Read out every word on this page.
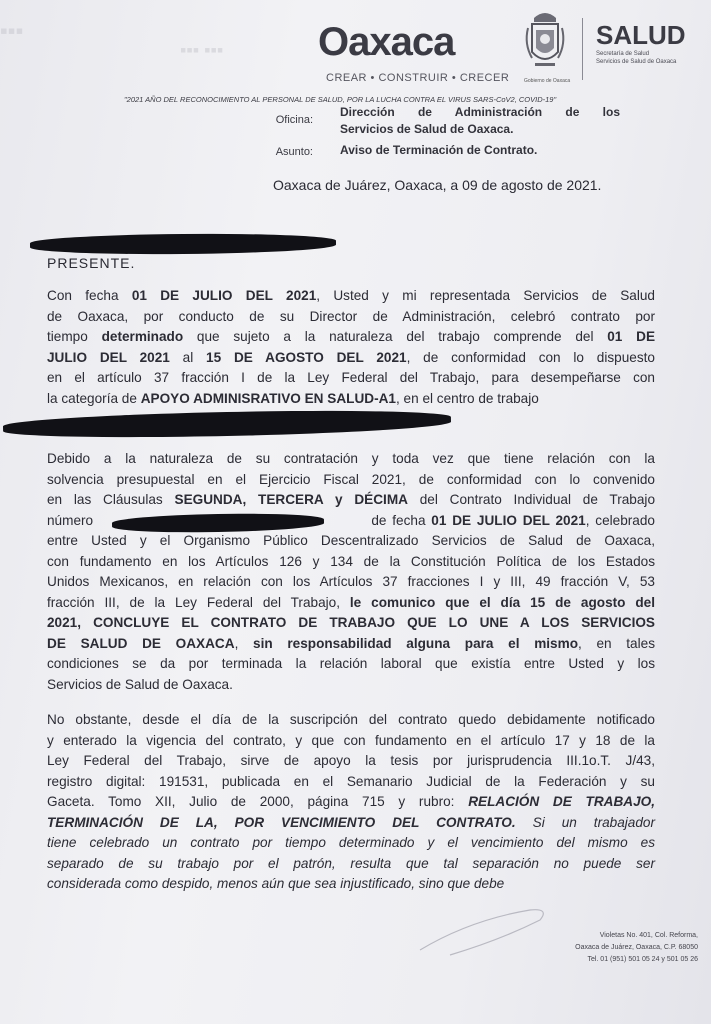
▪▪▪ ▪▪▪
▪▪▪	Oaxaca
CREAR • CONSTRUIR • CRECER	Gobierno de Oaxaca
SALUD
Secretaría de Salud
Servicios de Salud de Oaxaca
"2021 AÑO DEL RECONOCIMIENTO AL PERSONAL DE SALUD, POR LA LUCHA CONTRA EL VIRUS SARS-CoV2, COVID-19"
Oficina:
Dirección de Administración de los
Servicios de Salud de Oaxaca.
Asunto: Aviso de Terminación de Contrato.
Oaxaca de Juárez, Oaxaca, a 09 de agosto de 2021.
PRESENTE.
Con fecha 01 DE JULIO DEL 2021, Usted y mi representada Servicios de Salud
de Oaxaca, por conducto de su Director de Administración, celebró contrato por
tiempo determinado que sujeto a la naturaleza del trabajo comprende del 01 DE
JULIO DEL 2021 al 15 DE AGOSTO DEL 2021, de conformidad con lo dispuesto
en el artículo 37 fracción I de la Ley Federal del Trabajo, para desempeñarse con
la categoría de APOYO ADMINISRATIVO EN SALUD-A1, en el centro de trabajo
Debido a la naturaleza de su contratación y toda vez que tiene relación con la
solvencia presupuestal en el Ejercicio Fiscal 2021, de conformidad con lo convenido
en las Cláusulas SEGUNDA, TERCERA y DÉCIMA del Contrato Individual de Trabajo
número	de fecha 01 DE JULIO DEL 2021, celebrado
entre Usted y el Organismo Público Descentralizado Servicios de Salud de Oaxaca,
con fundamento en los Artículos 126 y 134 de la Constitución Política de los Estados
Unidos Mexicanos, en relación con los Artículos 37 fracciones I y III, 49 fracción V, 53
fracción III, de la Ley Federal del Trabajo, le comunico que el día 15 de agosto del
2021, CONCLUYE EL CONTRATO DE TRABAJO QUE LO UNE A LOS SERVICIOS
DE SALUD DE OAXACA, sin responsabilidad alguna para el mismo, en tales
condiciones se da por terminada la relación laboral que existía entre Usted y los
Servicios de Salud de Oaxaca.
No obstante, desde el día de la suscripción del contrato quedo debidamente notificado
y enterado la vigencia del contrato, y que con fundamento en el artículo 17 y 18 de la
Ley Federal del Trabajo, sirve de apoyo la tesis por jurisprudencia III.1o.T. J/43,
registro digital: 191531, publicada en el Semanario Judicial de la Federación y su
Gaceta. Tomo XII, Julio de 2000, página 715 y rubro: RELACIÓN DE TRABAJO,
TERMINACIÓN DE LA, POR VENCIMIENTO DEL CONTRATO. Si un trabajador
tiene celebrado un contrato por tiempo determinado y el vencimiento del mismo es
separado de su trabajo por el patrón, resulta que tal separación no puede ser
considerada como despido, menos aún que sea injustificado, sino que debe
Violetas No. 401, Col. Reforma,
Oaxaca de Juárez, Oaxaca, C.P. 68050
Tel. 01 (951) 501 05 24 y 501 05 26
